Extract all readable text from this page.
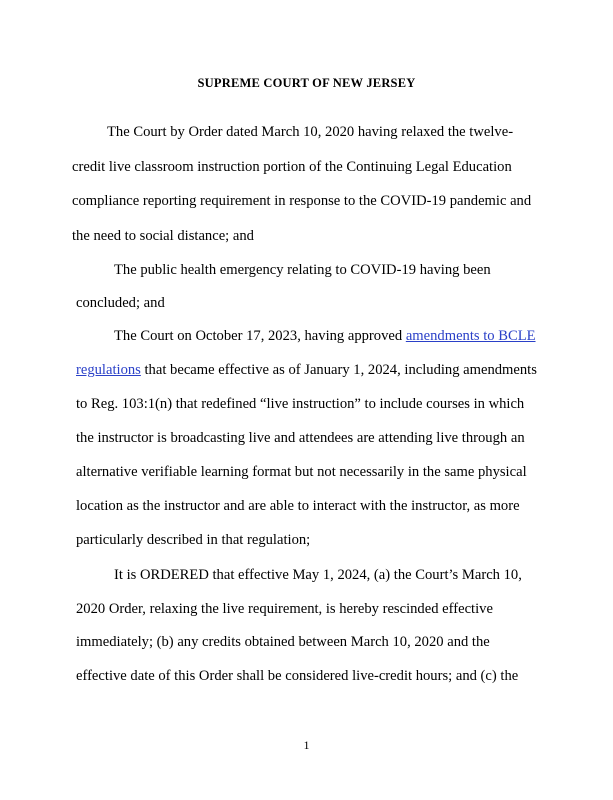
SUPREME COURT OF NEW JERSEY
The Court by Order dated March 10, 2020 having relaxed the twelve-
credit live classroom instruction portion of the Continuing Legal Education
compliance reporting requirement in response to the COVID-19 pandemic and
the need to social distance; and
The public health emergency relating to COVID-19 having been
concluded; and
The Court on October 17, 2023, having approved amendments to BCLE
regulations that became effective as of January 1, 2024, including amendments
to Reg. 103:1(n) that redefined “live instruction” to include courses in which
the instructor is broadcasting live and attendees are attending live through an
alternative verifiable learning format but not necessarily in the same physical
location as the instructor and are able to interact with the instructor, as more
particularly described in that regulation;
It is ORDERED that effective May 1, 2024, (a) the Court’s March 10,
2020 Order, relaxing the live requirement, is hereby rescinded effective
immediately; (b) any credits obtained between March 10, 2020 and the
effective date of this Order shall be considered live-credit hours; and (c) the
1
